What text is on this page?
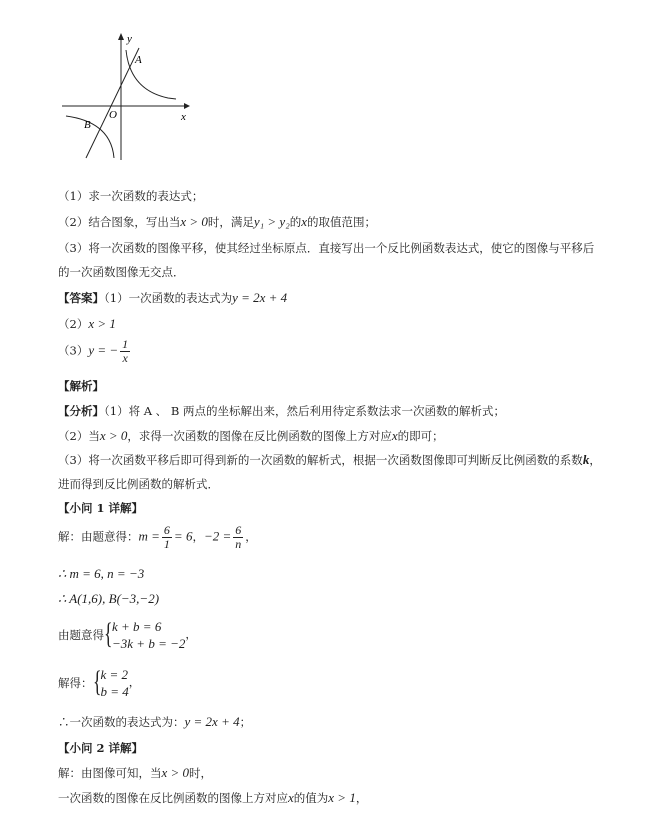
y
x
O
A
B
（1）求一次函数的表达式；
（2）结合图象，写出当x > 0时，满足y₁ > y₂的x的取值范围；
（3）将一次函数的图像平移，使其经过坐标原点．直接写出一个反比例函数表达式，使它的图像与平移后
的一次函数图像无交点．
【答案】（1）一次函数的表达式为y = 2x + 4
（2）x > 1
（3）y = − $\frac{1}{x}$
【解析】
【分析】（1）将 A 、 B 两点的坐标解出来，然后利用待定系数法求一次函数的解析式；
（2）当x > 0，求得一次函数的图像在反比例函数的图像上方对应x的即可；
（3）将一次函数平移后即可得到新的一次函数的解析式，根据一次函数图像即可判断反比例函数的系数k，
进而得到反比例函数的解析式．
【小问 1 详解】
解：由题意得：$m = \frac{6}{1} = 6$，$-2 = \frac{6}{n}$ ，
∴ m = 6, n = −3
∴ A(1,6), B(−3,−2)
由题意得 { k + b = 6
−3k + b = −2
，
解得： { k = 2
b = 4
，
∴一次函数的表达式为：y = 2x + 4；
【小问 2 详解】
解：由图像可知，当x > 0时，
一次函数的图像在反比例函数的图像上方对应x的值为x > 1，
